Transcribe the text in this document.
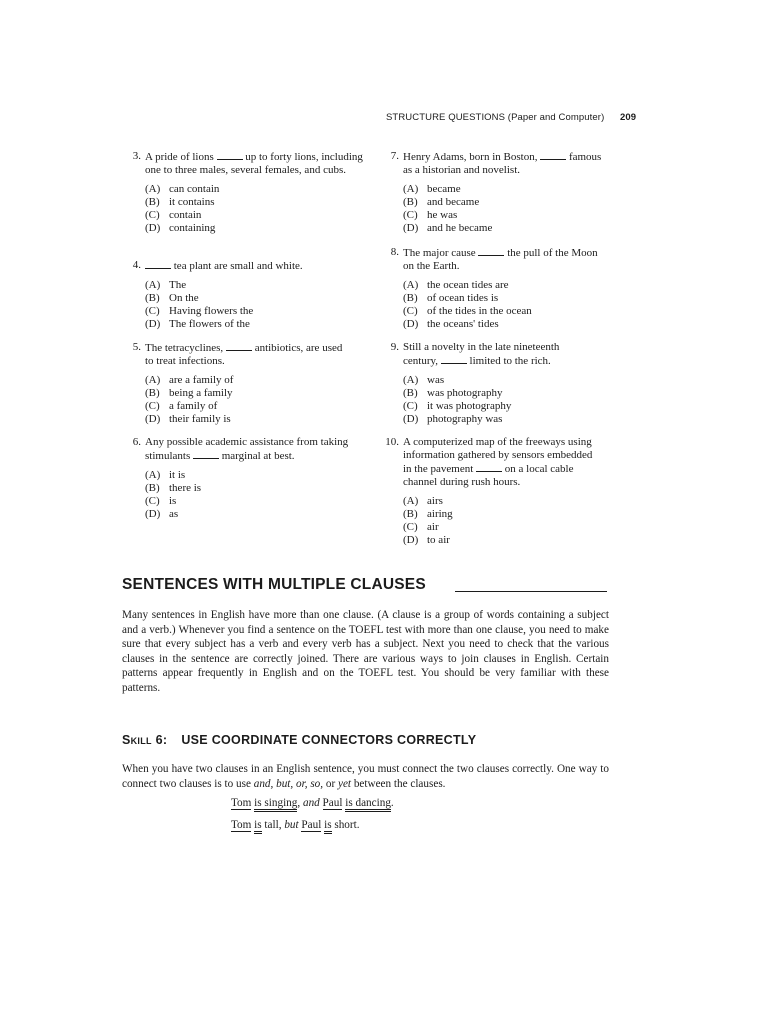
STRUCTURE QUESTIONS (Paper and Computer) 209
3. A pride of lions	up to forty lions, including one to three males, several females, and cubs.

(A) can contain
(B) it contains
(C) contain
(D) containing
4.	tea plant are small and white.

(A) The
(B) On the
(C) Having flowers the
(D) The flowers of the
5. The tetracyclines,	antibiotics, are used to treat infections.

(A) are a family of
(B) being a family
(C) a family of
(D) their family is
6. Any possible academic assistance from taking stimulants	marginal at best.

(A) it is
(B) there is
(C) is
(D) as
7. Henry Adams, born in Boston,	famous as a historian and novelist.

(A) became
(B) and became
(C) he was
(D) and he became
8. The major cause	the pull of the Moon on the Earth.

(A) the ocean tides are
(B) of ocean tides is
(C) of the tides in the ocean
(D) the oceans' tides
9. Still a novelty in the late nineteenth century,	limited to the rich.

(A) was
(B) was photography
(C) it was photography
(D) photography was
10. A computerized map of the freeways using information gathered by sensors embedded in the pavement	on a local cable channel during rush hours.

(A) airs
(B) airing
(C) air
(D) to air
SENTENCES WITH MULTIPLE CLAUSES

Many sentences in English have more than one clause. (A clause is a group of words containing a subject and a verb.) Whenever you find a sentence on the TOEFL test with more than one clause, you need to make sure that every subject has a verb and every verb has a subject. Next you need to check that the various clauses in the sentence are correctly joined. There are various ways to join clauses in English. Certain patterns appear frequently in English and on the TOEFL test. You should be very familiar with these patterns.

Skill 6: USE COORDINATE CONNECTORS CORRECTLY

When you have two clauses in an English sentence, you must connect the two clauses correctly. One way to connect two clauses is to use and, but, or, so, or yet between the clauses.

Tom is singing, and Paul is dancing.
Tom is tall, but Paul is short.
